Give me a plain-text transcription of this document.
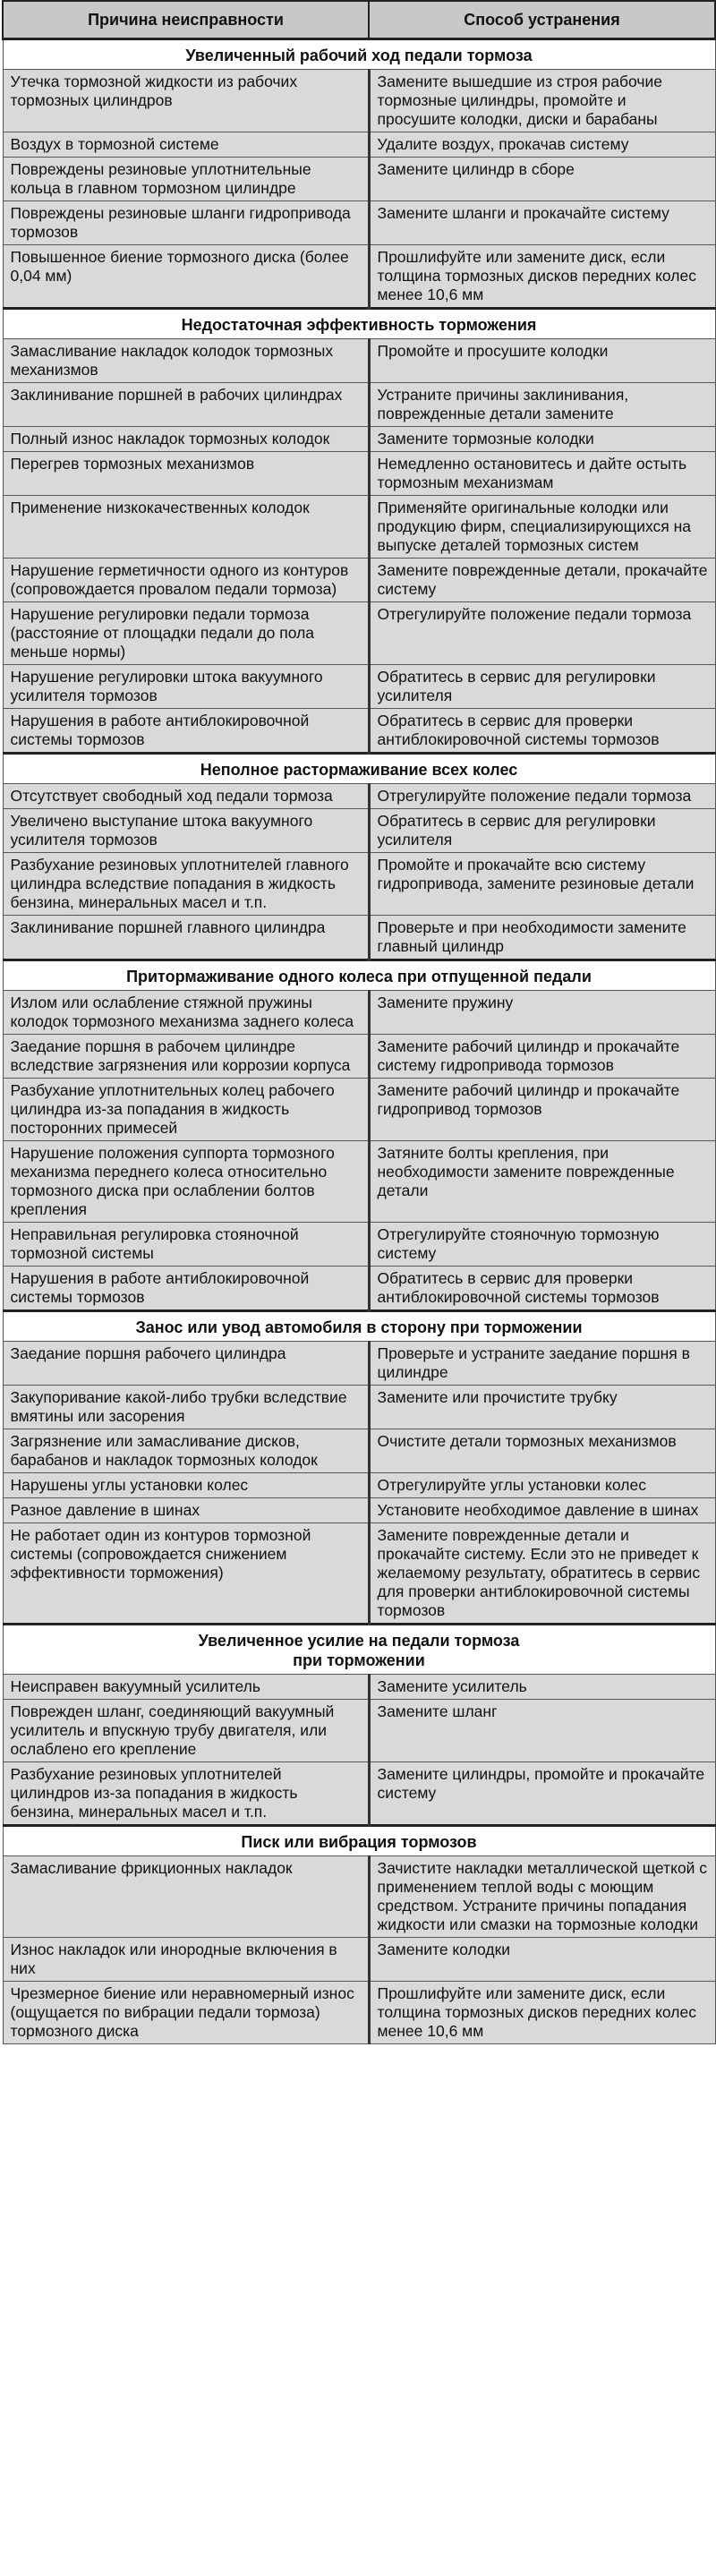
Причина неисправности	Способ устранения
Увеличенный рабочий ход педали тормоза	
Утечка тормозной жидкости из рабочих тормозных цилиндров	Замените вышедшие из строя рабочие тормозные цилиндры, промойте и просушите колодки, диски и барабаны
Воздух в тормозной системе	Удалите воздух, прокачав систему
Повреждены резиновые уплотнительные кольца в главном тормозном цилиндре	Замените цилиндр в сборе
Повреждены резиновые шланги гидропривода тормозов	Замените шланги и прокачайте систему
Повышенное биение тормозного диска (более 0,04 мм)	Прошлифуйте или замените диск, если толщина тормозных дисков передних колес менее 10,6 мм
Недостаточная эффективность торможения	
Замасливание накладок колодок тормозных механизмов	Промойте и просушите колодки
Заклинивание поршней в рабочих цилиндрах	Устраните причины заклинивания, поврежденные детали замените
Полный износ накладок тормозных колодок	Замените тормозные колодки
Перегрев тормозных механизмов	Немедленно остановитесь и дайте остыть тормозным механизмам
Применение низкокачественных колодок	Применяйте оригинальные колодки или продукцию фирм, специализирующихся на выпуске деталей тормозных систем
Нарушение герметичности одного из контуров (сопровождается провалом педали тормоза)	Замените поврежденные детали, прокачайте систему
Нарушение регулировки педали тормоза (расстояние от площадки педали до пола меньше нормы)	Отрегулируйте положение педали тормоза
Нарушение регулировки штока вакуумного усилителя тормозов	Обратитесь в сервис для регулировки усилителя
Нарушения в работе антиблокировочной системы тормозов	Обратитесь в сервис для проверки антиблокировочной системы тормозов
Неполное растормаживание всех колес	
Отсутствует свободный ход педали тормоза	Отрегулируйте положение педали тормоза
Увеличено выступание штока вакуумного усилителя тормозов	Обратитесь в сервис для регулировки усилителя
Разбухание резиновых уплотнителей главного цилиндра вследствие попадания в жидкость бензина, минеральных масел и т.п.	Промойте и прокачайте всю систему гидропривода, замените резиновые детали
Заклинивание поршней главного цилиндра	Проверьте и при необходимости замените главный цилиндр
Притормаживание одного колеса при отпущенной педали	
Излом или ослабление стяжной пружины колодок тормозного механизма заднего колеса	Замените пружину
Заедание поршня в рабочем цилиндре вследствие загрязнения или коррозии корпуса	Замените рабочий цилиндр и прокачайте систему гидропривода тормозов
Разбухание уплотнительных колец рабочего цилиндра из-за попадания в жидкость посторонних примесей	Замените рабочий цилиндр и прокачайте гидропривод тормозов
Нарушение положения суппорта тормозного механизма переднего колеса относительно тормозного диска при ослаблении болтов крепления	Затяните болты крепления, при необходимости замените поврежденные детали
Неправильная регулировка стояночной тормозной системы	Отрегулируйте стояночную тормозную систему
Нарушения в работе антиблокировочной системы тормозов	Обратитесь в сервис для проверки антиблокировочной системы тормозов
Занос или увод автомобиля в сторону при торможении	
Заедание поршня рабочего цилиндра	Проверьте и устраните заедание поршня в цилиндре
Закупоривание какой-либо трубки вследствие вмятины или засорения	Замените или прочистите трубку
Загрязнение или замасливание дисков, барабанов и накладок тормозных колодок	Очистите детали тормозных механизмов
Нарушены углы установки колес	Отрегулируйте углы установки колес
Разное давление в шинах	Установите необходимое давление в шинах
Не работает один из контуров тормозной системы (сопровождается снижением эффективности торможения)	Замените поврежденные детали и прокачайте систему. Если это не приведет к желаемому результату, обратитесь в сервис для проверки антиблокировочной системы тормозов
Увеличенное усилие на педали тормоза
при торможении	
Неисправен вакуумный усилитель	Замените усилитель
Поврежден шланг, соединяющий вакуумный усилитель и впускную трубу двигателя, или ослаблено его крепление	Замените шланг
Разбухание резиновых уплотнителей цилиндров из-за попадания в жидкость бензина, минеральных масел и т.п.	Замените цилиндры, промойте и прокачайте систему
Писк или вибрация тормозов	
Замасливание фрикционных накладок	Зачистите накладки металлической щеткой с применением теплой воды с моющим средством. Устраните причины попадания жидкости или смазки на тормозные колодки
Износ накладок или инородные включения в них	Замените колодки
Чрезмерное биение или неравномерный износ (ощущается по вибрации педали тормоза) тормозного диска	Прошлифуйте или замените диск, если толщина тормозных дисков передних колес менее 10,6 мм
